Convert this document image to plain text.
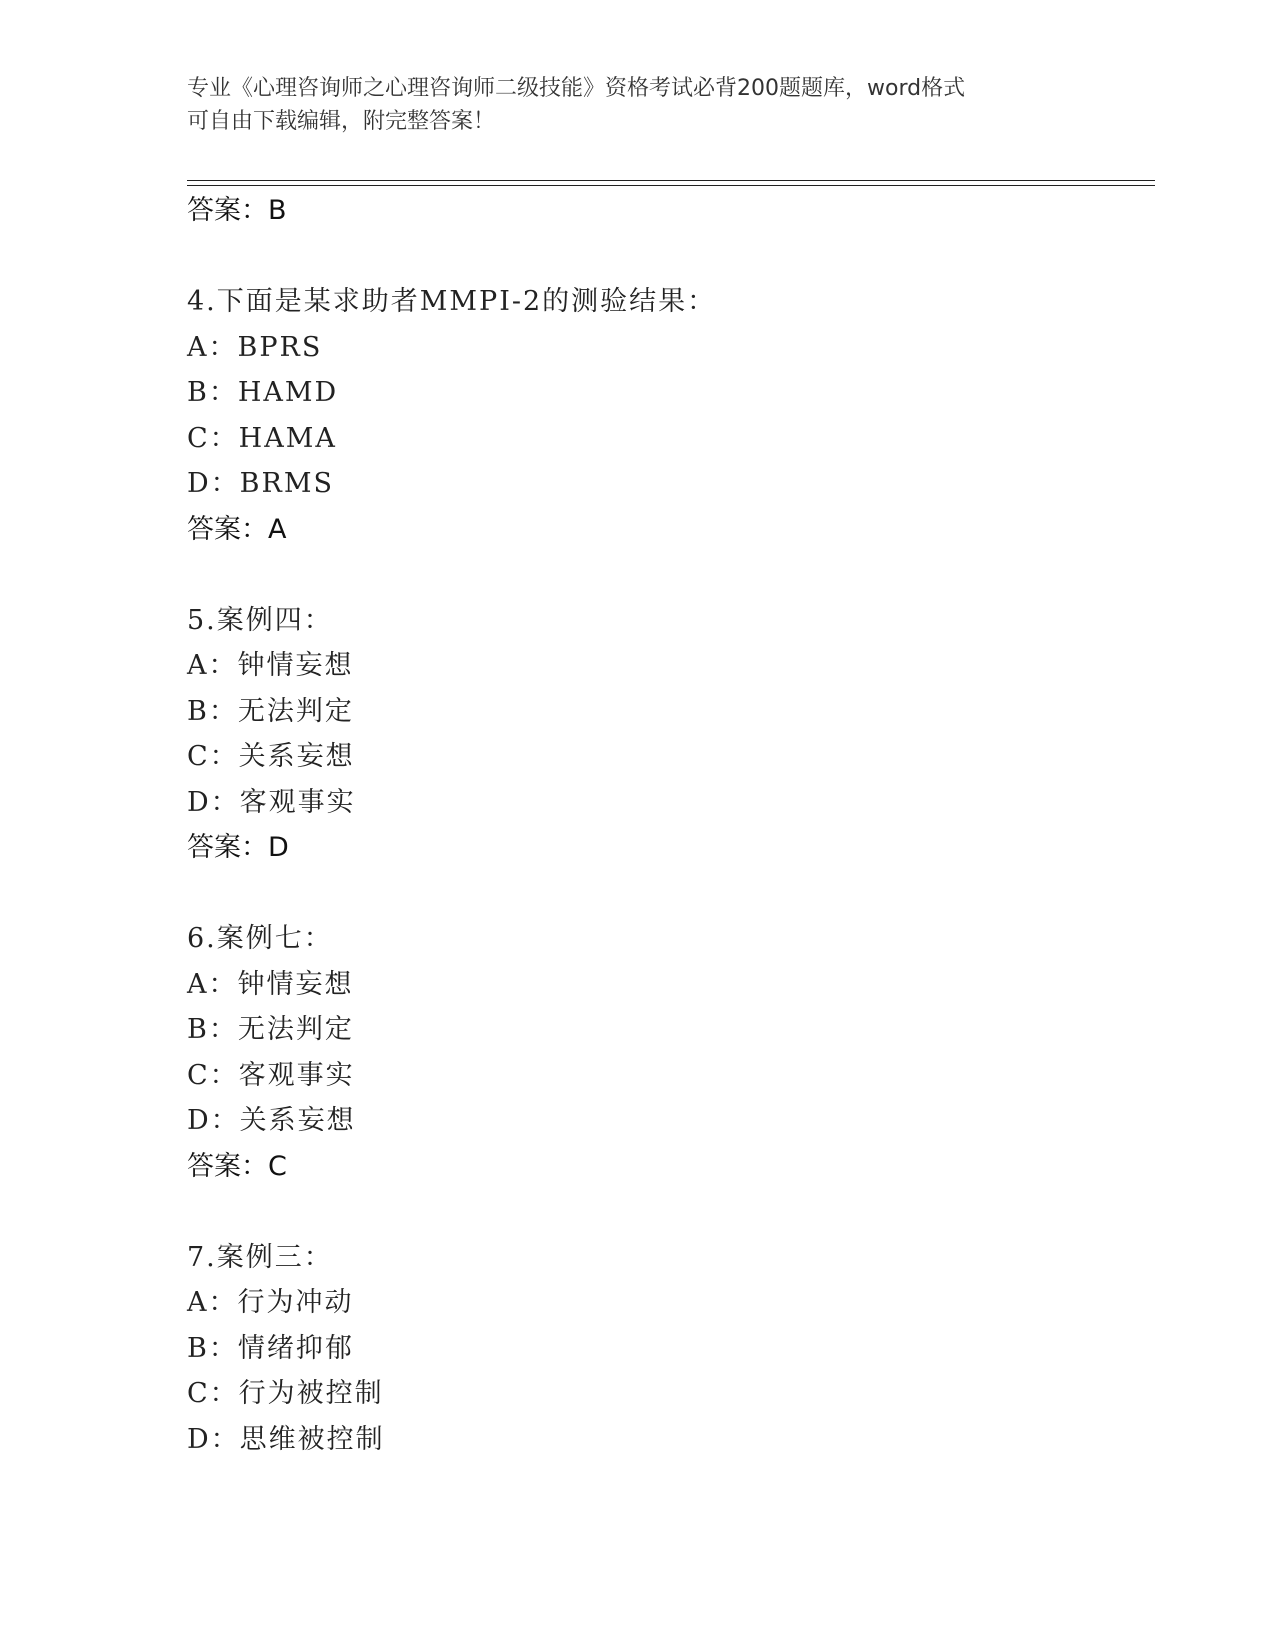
专业《心理咨询师之心理咨询师二级技能》资格考试必背200题题库，word格式
可自由下载编辑，附完整答案！
答案：B
4.下面是某求助者MMPI-2的测验结果：
A：BPRS
B：HAMD
C：HAMA
D：BRMS
答案：A
5.案例四：
A：钟情妄想
B：无法判定
C：关系妄想
D：客观事实
答案：D
6.案例七：
A：钟情妄想
B：无法判定
C：客观事实
D：关系妄想
答案：C
7.案例三：
A：行为冲动
B：情绪抑郁
C：行为被控制
D：思维被控制
